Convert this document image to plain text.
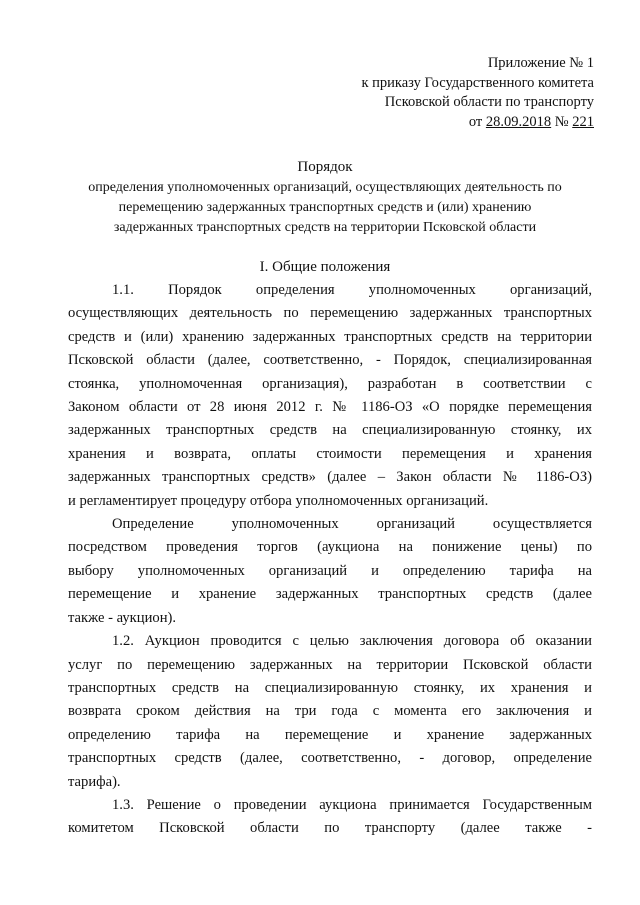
Приложение № 1
к приказу Государственного комитета
Псковской области по транспорту
от 28.09.2018 № 221
Порядок
определения уполномоченных организаций, осуществляющих деятельность по
перемещению задержанных транспортных средств и (или) хранению
задержанных транспортных средств на территории Псковской области
I. Общие положения
1.1. Порядок определения уполномоченных организаций,
осуществляющих деятельность по перемещению задержанных транспортных
средств и (или) хранению задержанных транспортных средств на территории
Псковской области (далее, соответственно, - Порядок, специализированная
стоянка, уполномоченная организация), разработан в соответствии с
Законом области от 28 июня 2012 г. № 1186-ОЗ «О порядке перемещения
задержанных транспортных средств на специализированную стоянку, их
хранения и возврата, оплаты стоимости перемещения и хранения
задержанных транспортных средств» (далее – Закон области № 1186-ОЗ)
и регламентирует процедуру отбора уполномоченных организаций.
Определение уполномоченных организаций осуществляется
посредством проведения торгов (аукциона на понижение цены) по
выбору уполномоченных организаций и определению тарифа на
перемещение и хранение задержанных транспортных средств (далее
также - аукцион).
1.2. Аукцион проводится с целью заключения договора об оказании
услуг по перемещению задержанных на территории Псковской области
транспортных средств на специализированную стоянку, их хранения и
возврата сроком действия на три года с момента его заключения и
определению тарифа на перемещение и хранение задержанных
транспортных средств (далее, соответственно, - договор, определение
тарифа).
1.3. Решение о проведении аукциона принимается Государственным
комитетом Псковской области по транспорту (далее также -
